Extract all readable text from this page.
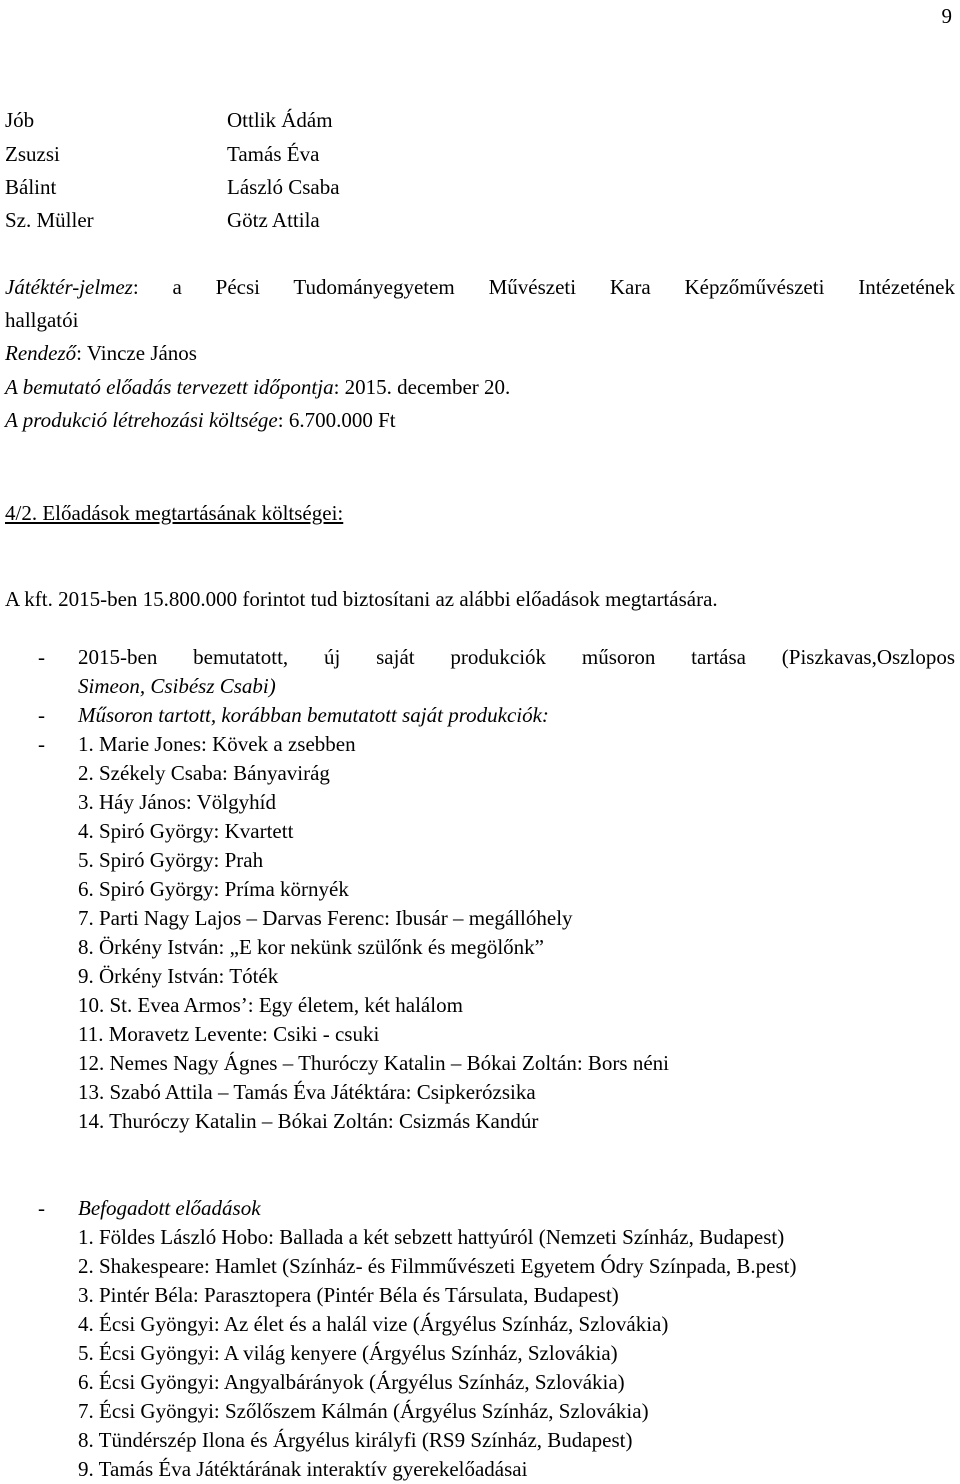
9
Jób	Ottlik Ádám
Zsuzsi	Tamás Éva
Bálint	László Csaba
Sz. Müller	Götz Attila
Játéktér-jelmez: a Pécsi Tudományegyetem Művészeti Kara Képzőművészeti Intézetének
hallgatói
Rendező: Vincze János
A bemutató előadás tervezett időpontja: 2015. december 20.
A produkció létrehozási költsége: 6.700.000 Ft
4/2. Előadások megtartásának költségei:
A kft. 2015-ben 15.800.000 forintot tud biztosítani az alábbi előadások megtartására.
- 2015-ben bemutatott, új saját produkciók műsoron tartása (Piszkavas,Oszlopos
Simeon, Csibész Csabi)
- Műsoron tartott, korábban bemutatott saját produkciók:
- 1. Marie Jones: Kövek a zsebben
2. Székely Csaba: Bányavirág
3. Háy János: Völgyhíd
4. Spiró György: Kvartett
5. Spiró György: Prah
6. Spiró György: Príma környék
7. Parti Nagy Lajos – Darvas Ferenc: Ibusár – megállóhely
8. Örkény István: „E kor nekünk szülőnk és megölőnk”
9. Örkény István: Tóték
10. St. Evea Armos’: Egy életem, két halálom
11. Moravetz Levente: Csiki - csuki
12. Nemes Nagy Ágnes – Thuróczy Katalin – Bókai Zoltán: Bors néni
13. Szabó Attila – Tamás Éva Játéktára: Csipkerózsika
14. Thuróczy Katalin – Bókai Zoltán: Csizmás Kandúr
- Befogadott előadások
1. Földes László Hobo: Ballada a két sebzett hattyúról (Nemzeti Színház, Budapest)
2. Shakespeare: Hamlet (Színház- és Filmművészeti Egyetem Ódry Színpada, B.pest)
3. Pintér Béla: Parasztopera (Pintér Béla és Társulata, Budapest)
4. Écsi Gyöngyi: Az élet és a halál vize (Árgyélus Színház, Szlovákia)
5. Écsi Gyöngyi: A világ kenyere (Árgyélus Színház, Szlovákia)
6. Écsi Gyöngyi: Angyalbárányok (Árgyélus Színház, Szlovákia)
7. Écsi Gyöngyi: Szőlőszem Kálmán (Árgyélus Színház, Szlovákia)
8. Tündérszép Ilona és Árgyélus királyfi (RS9 Színház, Budapest)
9. Tamás Éva Játéktárának interaktív gyerekelőadásai
